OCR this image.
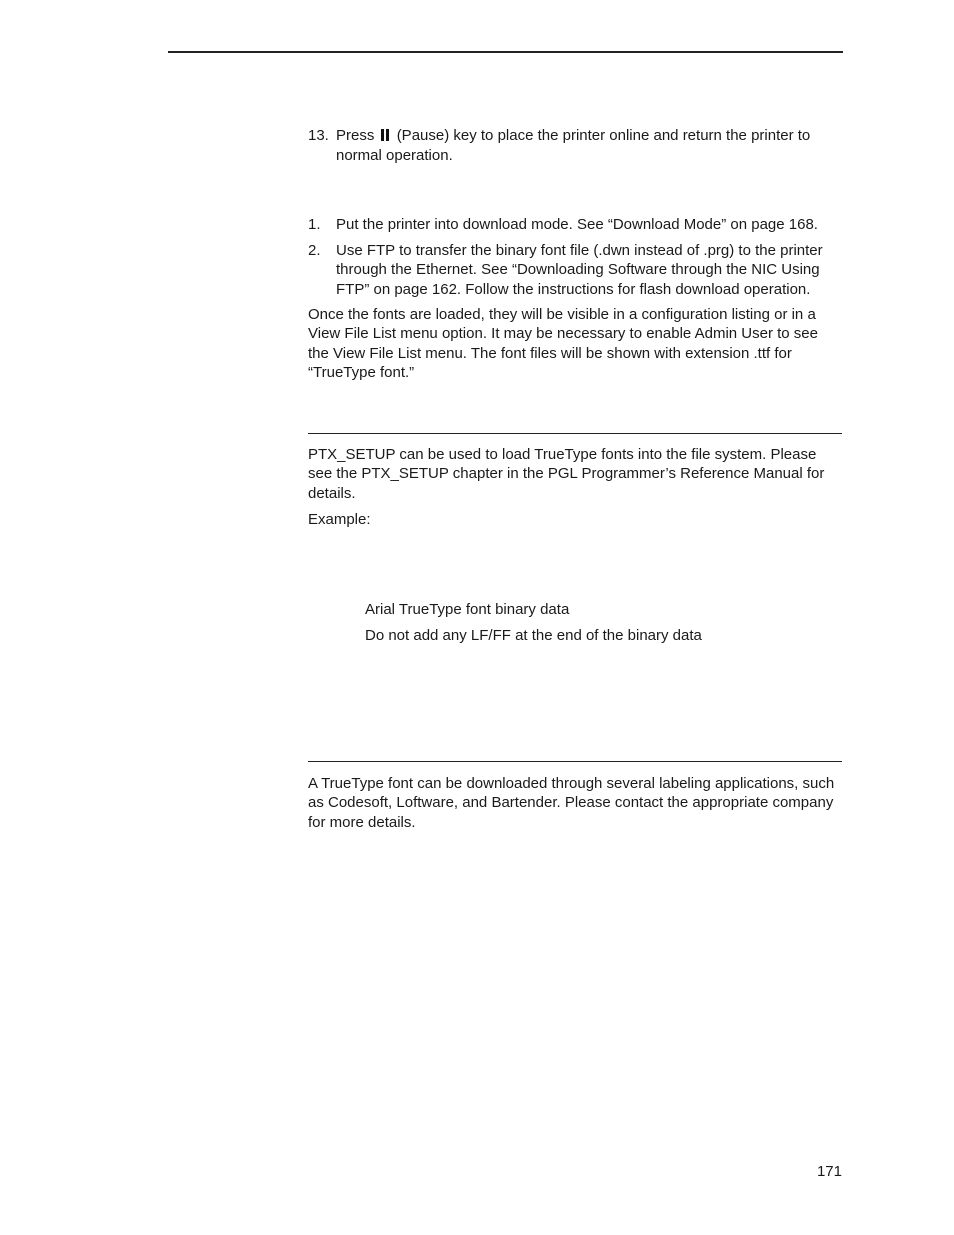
13. Press (Pause) key to place the printer online and return the printer to normal operation.
1. Put the printer into download mode. See “Download Mode” on page 168.
2. Use FTP to transfer the binary font file (.dwn instead of .prg) to the printer through the Ethernet. See “Downloading Software through the NIC Using FTP” on page 162. Follow the instructions for flash download operation.
Once the fonts are loaded, they will be visible in a configuration listing or in a View File List menu option. It may be necessary to enable Admin User to see the View File List menu. The font files will be shown with extension .ttf for “TrueType font.”
PTX_SETUP can be used to load TrueType fonts into the file system. Please see the PTX_SETUP chapter in the PGL Programmer’s Reference Manual for details.
Example:
Arial TrueType font binary data
Do not add any LF/FF at the end of the binary data
A TrueType font can be downloaded through several labeling applications, such as Codesoft, Loftware, and Bartender. Please contact the appropriate company for more details.
171
